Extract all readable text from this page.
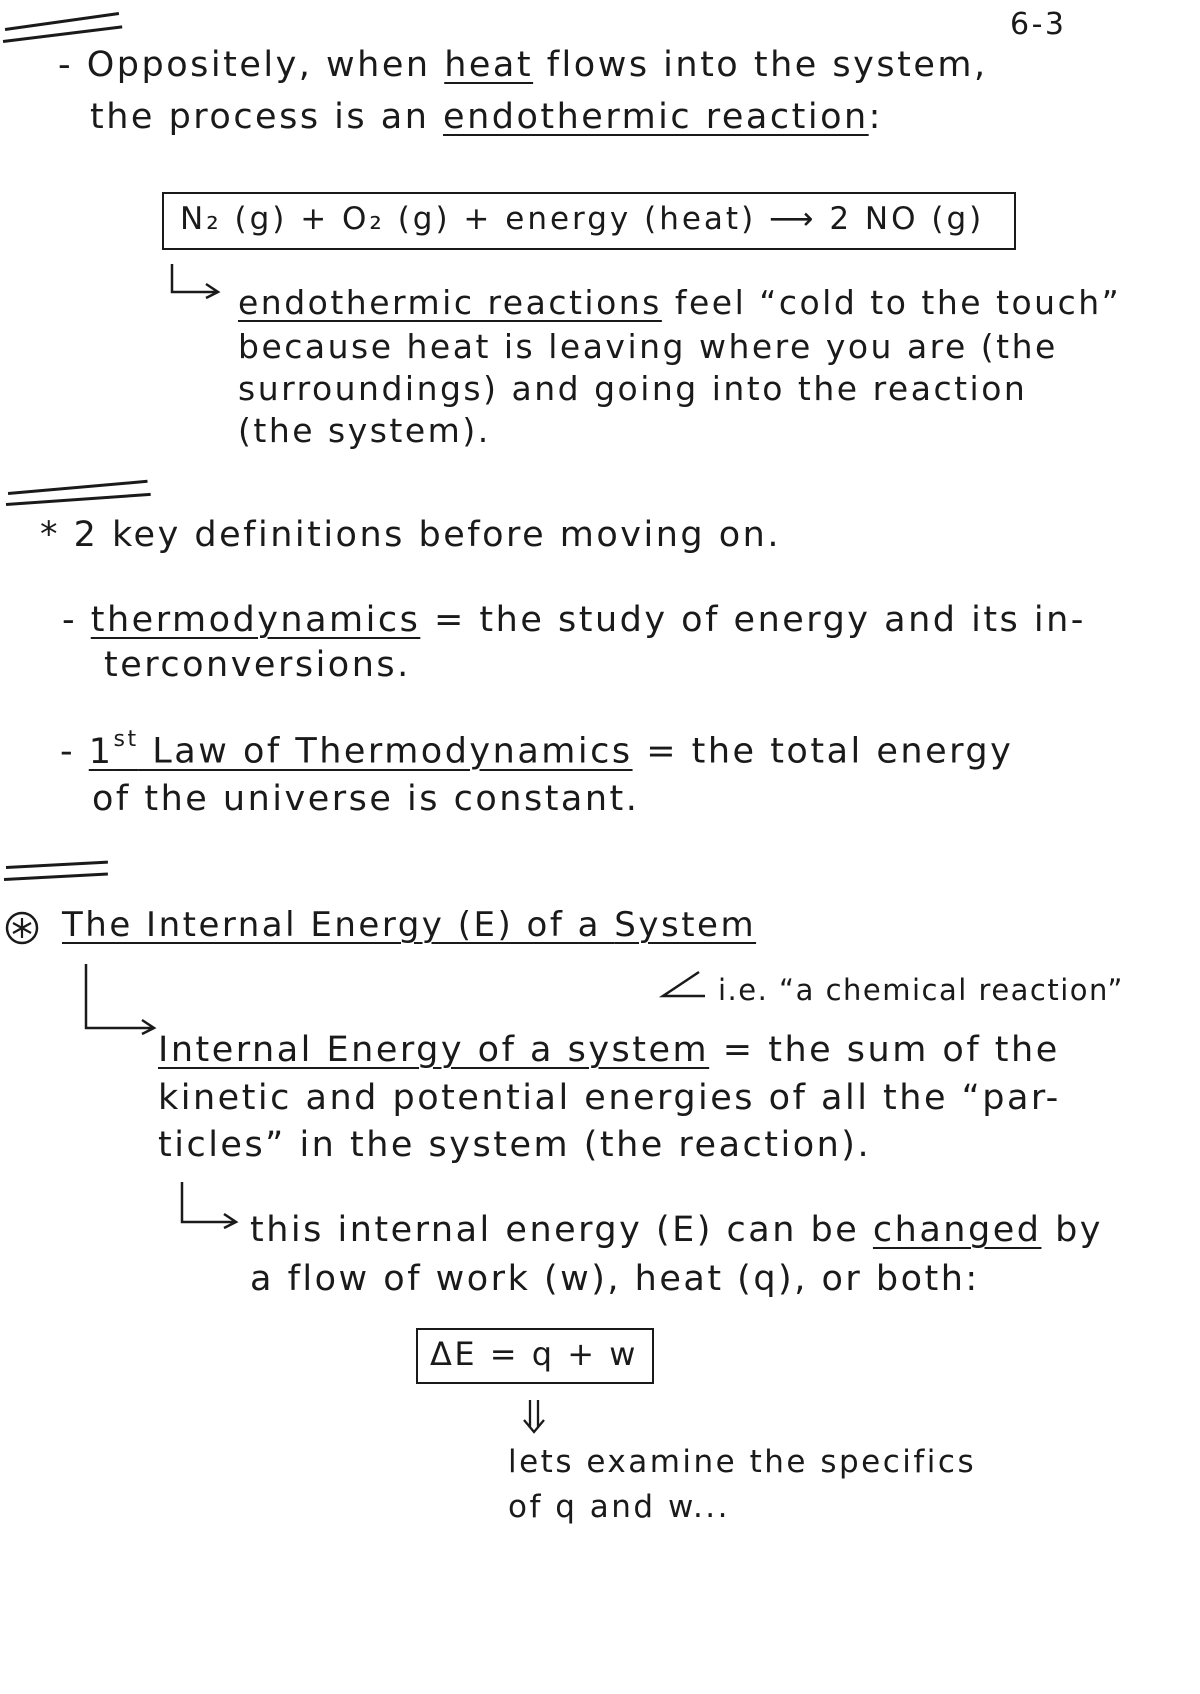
6-3
- Oppositely, when heat flows into the system,
the process is an endothermic reaction:
N₂ (g) + O₂ (g) + energy (heat) ⟶ 2 NO (g)
endothermic reactions feel “cold to the touch”
because heat is leaving where you are (the
surroundings) and going into the reaction
(the system).
* 2 key definitions before moving on.
- thermodynamics = the study of energy and its in-
terconversions.
- 1st Law of Thermodynamics = the total energy
of the universe is constant.
The Internal Energy (E) of a System
i.e. “a chemical reaction”
Internal Energy of a system = the sum of the
kinetic and potential energies of all the “par-
ticles” in the system (the reaction).
this internal energy (E) can be changed by
a flow of work (w), heat (q), or both:
ΔE = q + w
lets examine the specifics
of q and w...
